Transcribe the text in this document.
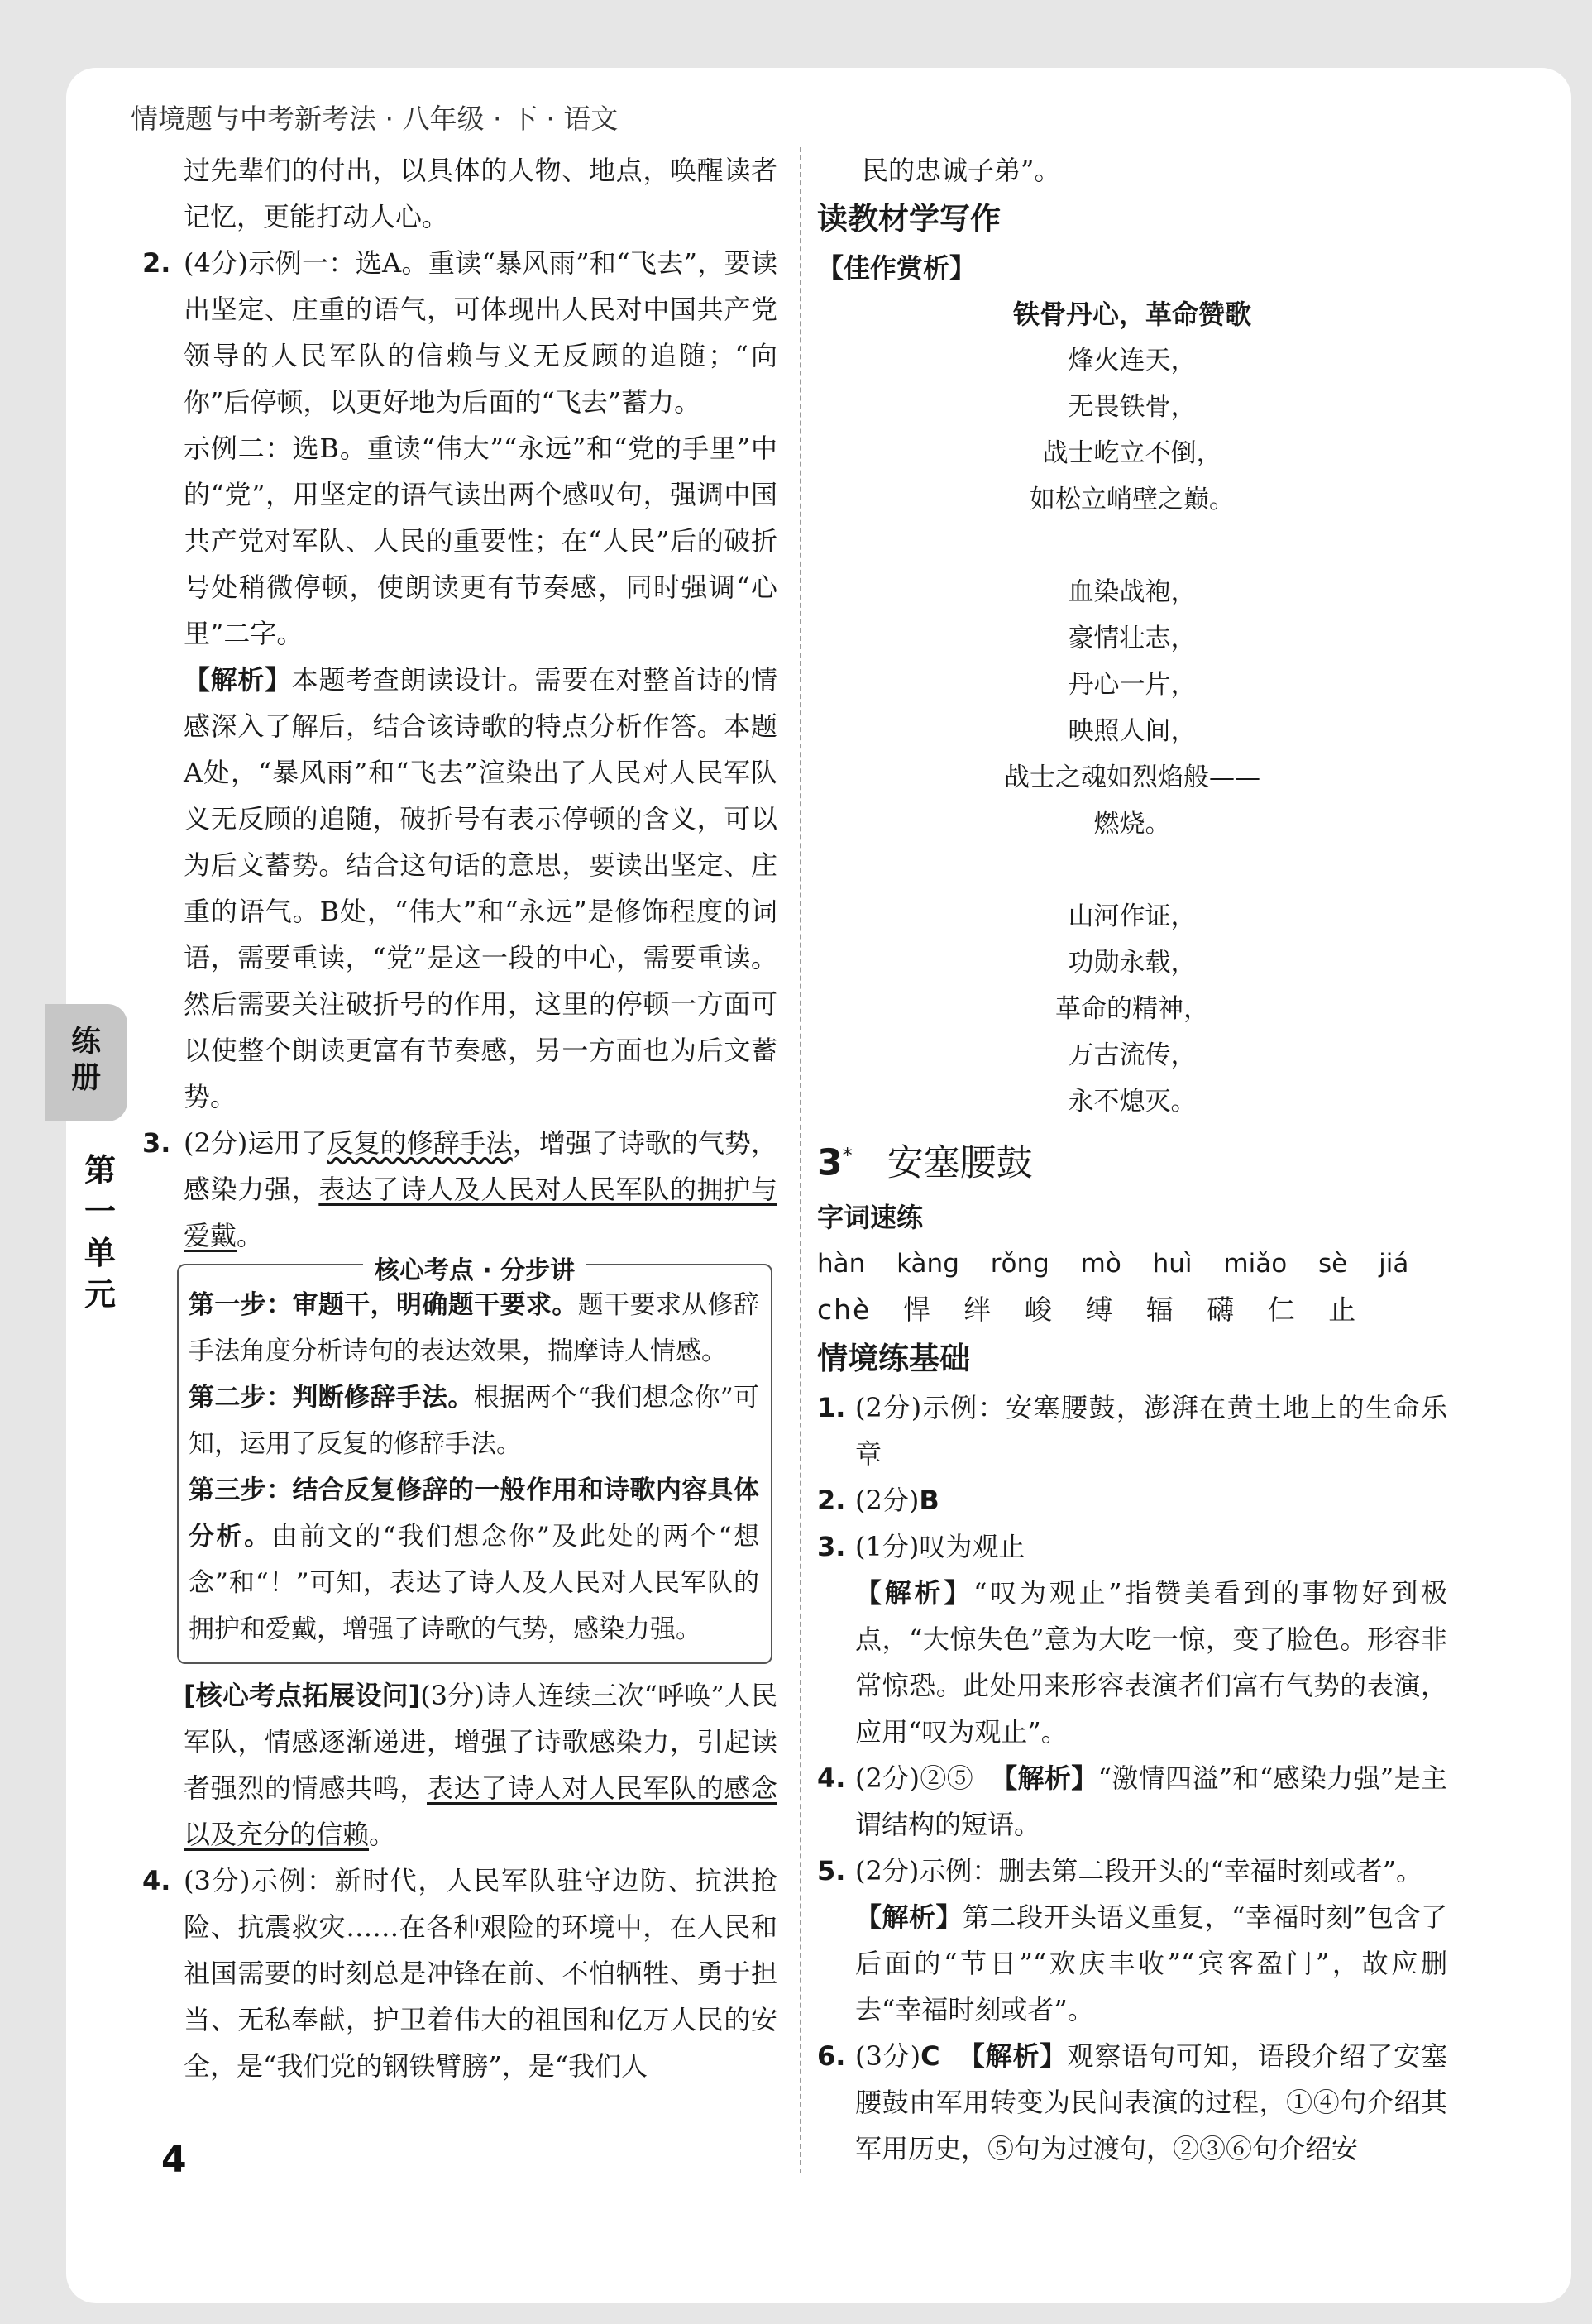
情境题与中考新考法 · 八年级 · 下 · 语文
练
册
第
一
单
元
4

过先辈们的付出，以具体的人物、地点，唤醒读者记忆，更能打动人心。

2. (4分)示例一：选A。重读“暴风雨”和“飞去”，要读出坚定、庄重的语气，可体现出人民对中国共产党领导的人民军队的信赖与义无反顾的追随；“向你”后停顿，以更好地为后面的“飞去”蓄力。

示例二：选B。重读“伟大”“永远”和“党的手里”中的“党”，用坚定的语气读出两个感叹句，强调中国共产党对军队、人民的重要性；在“人民”后的破折号处稍微停顿，使朗读更有节奏感，同时强调“心里”二字。

【解析】本题考查朗读设计。需要在对整首诗的情感深入了解后，结合该诗歌的特点分析作答。本题A处，“暴风雨”和“飞去”渲染出了人民对人民军队义无反顾的追随，破折号有表示停顿的含义，可以为后文蓄势。结合这句话的意思，要读出坚定、庄重的语气。B处，“伟大”和“永远”是修饰程度的词语，需要重读，“党”是这一段的中心，需要重读。然后需要关注破折号的作用，这里的停顿一方面可以使整个朗读更富有节奏感，另一方面也为后文蓄势。

3. (2分)运用了反复的修辞手法，增强了诗歌的气势，感染力强，表达了诗人及人民对人民军队的拥护与爱戴。

核心考点 · 分步讲

第一步：审题干，明确题干要求。题干要求从修辞手法角度分析诗句的表达效果，揣摩诗人情感。

第二步：判断修辞手法。根据两个“我们想念你”可知，运用了反复的修辞手法。

第三步：结合反复修辞的一般作用和诗歌内容具体分析。由前文的“我们想念你”及此处的两个“想念”和“！”可知，表达了诗人及人民对人民军队的拥护和爱戴，增强了诗歌的气势，感染力强。

[核心考点拓展设问](3分)诗人连续三次“呼唤”人民军队，情感逐渐递进，增强了诗歌感染力，引起读者强烈的情感共鸣，表达了诗人对人民军队的感念以及充分的信赖。

4. (3分)示例：新时代，人民军队驻守边防、抗洪抢险、抗震救灾……在各种艰险的环境中，在人民和祖国需要的时刻总是冲锋在前、不怕牺牲、勇于担当、无私奉献，护卫着伟大的祖国和亿万人民的安全，是“我们党的钢铁臂膀”，是“我们人

民的忠诚子弟”。

读教材学写作

【佳作赏析】

铁骨丹心，革命赞歌
烽火连天，
无畏铁骨，
战士屹立不倒，
如松立峭壁之巅。
血染战袍，
豪情壮志，
丹心一片，
映照人间，
战士之魂如烈焰般——
燃烧。
山河作证，
功勋永载，
革命的精神，
万古流传，
永不熄灭。

3* 安塞腰鼓

字词速练

hàn kàng rǒng mò huì miǎo sè jiá

chè 悍 绊 峻 缚 辐 礴 仁 止

情境练基础

1. (2分)示例：安塞腰鼓，澎湃在黄土地上的生命乐章

2. (2分)B

3. (1分)叹为观止

【解析】“叹为观止”指赞美看到的事物好到极点，“大惊失色”意为大吃一惊，变了脸色。形容非常惊恐。此处用来形容表演者们富有气势的表演，应用“叹为观止”。

4. (2分)②⑤ 【解析】“激情四溢”和“感染力强”是主谓结构的短语。

5. (2分)示例：删去第二段开头的“幸福时刻或者”。

【解析】第二段开头语义重复，“幸福时刻”包含了后面的“节日”“欢庆丰收”“宾客盈门”，故应删去“幸福时刻或者”。

6. (3分)C 【解析】观察语句可知，语段介绍了安塞腰鼓由军用转变为民间表演的过程，①④句介绍其军用历史，⑤句为过渡句，②③⑥句介绍安
